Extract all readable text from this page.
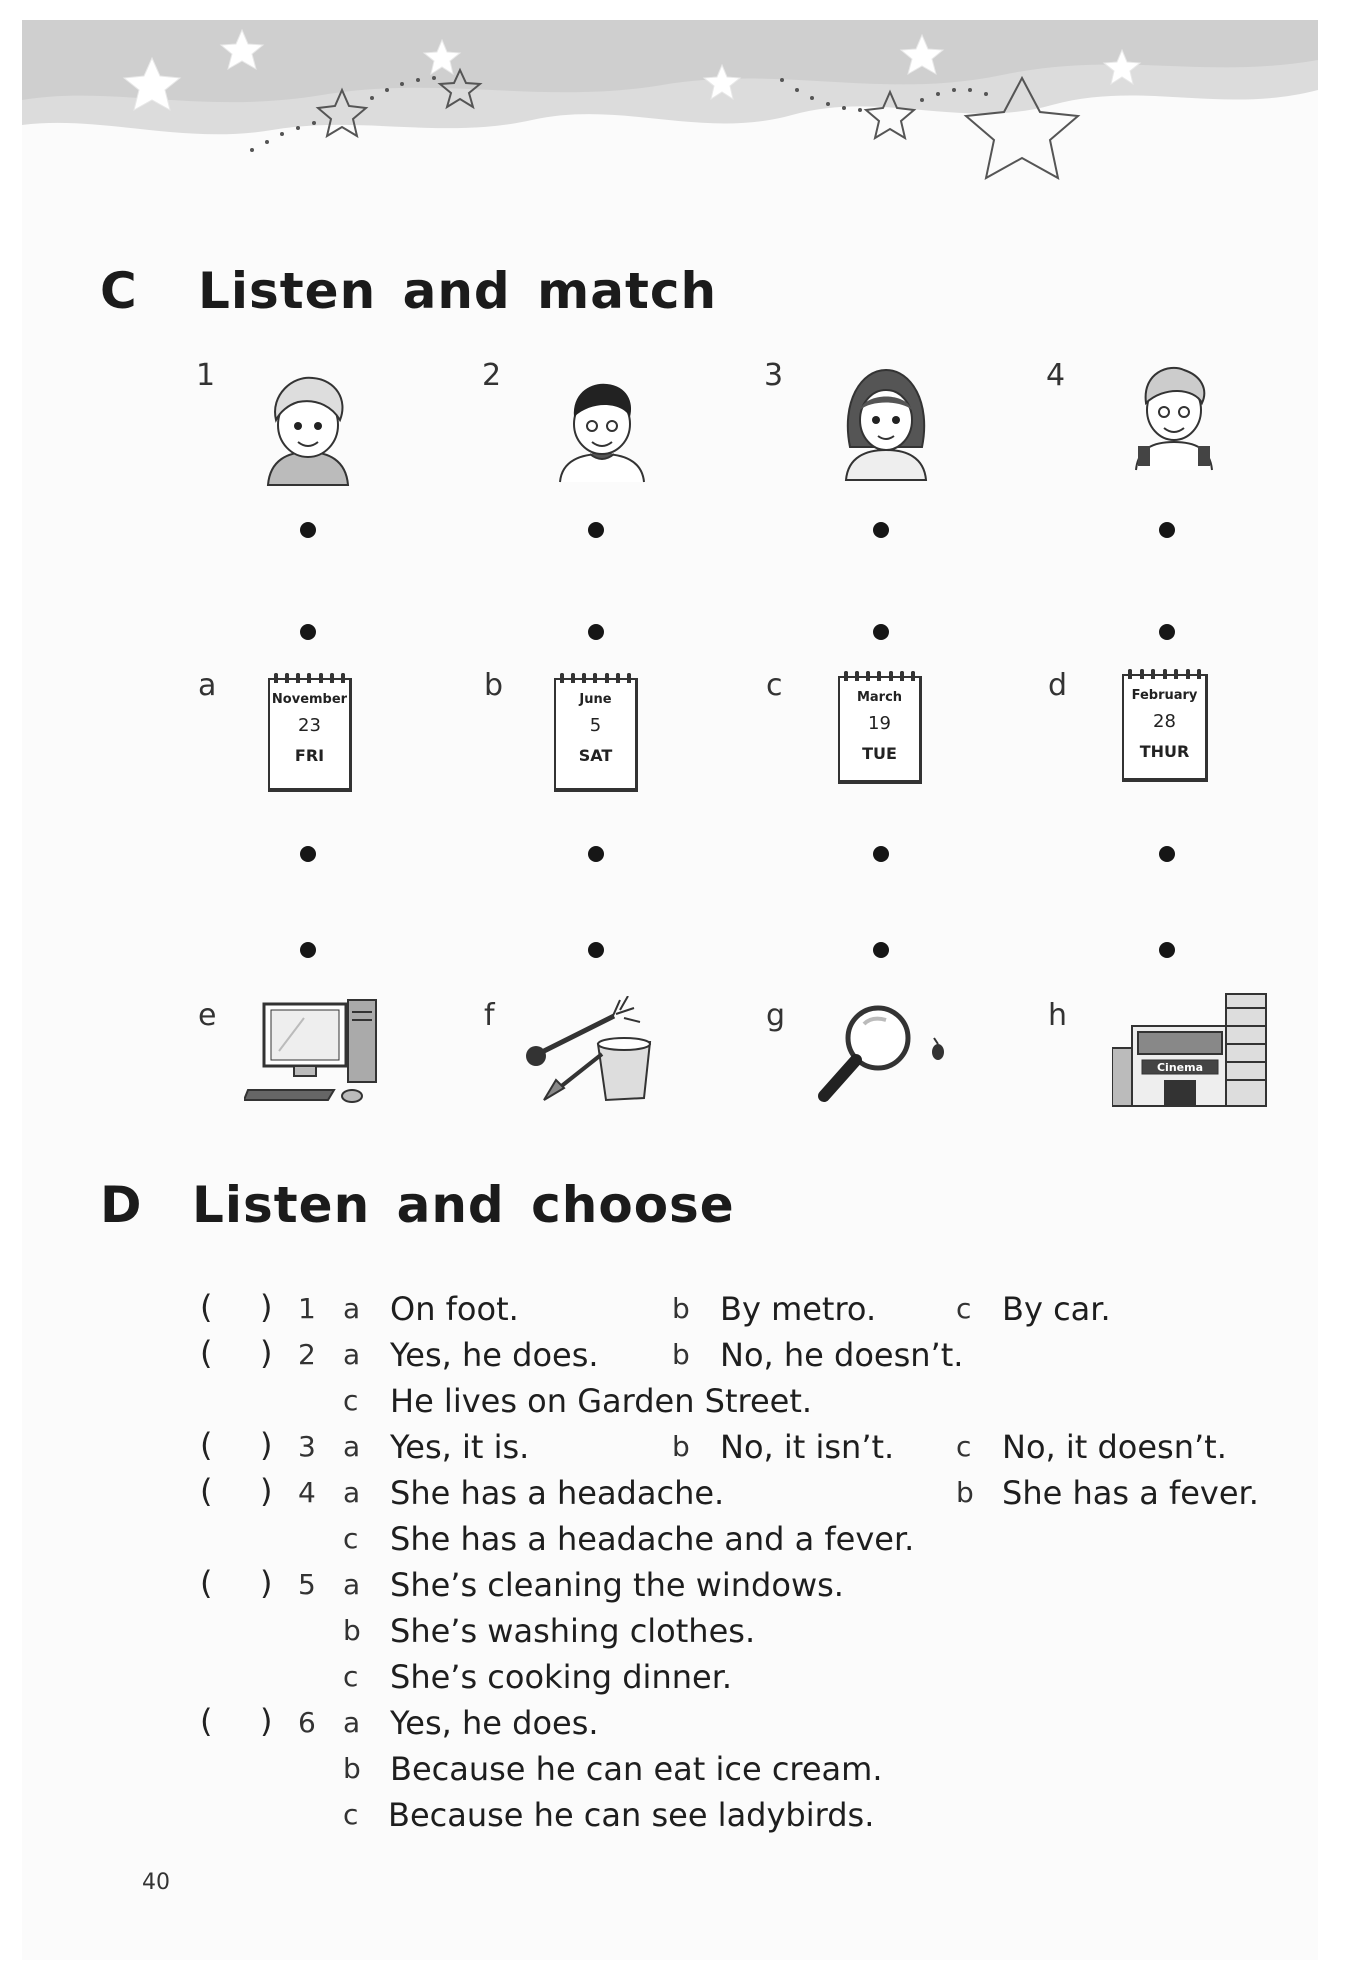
C Listen and match
1	2	3	4
a	b	c	d
November
23
FRI
June
5
SAT
March
19
TUE
February
28
THUR
e	f	g	h
Cinema
D Listen and choose
( ) 1 a On foot.	b By metro.	c By car.
( ) 2 a Yes, he does.	b No, he doesn’t.
c He lives on Garden Street.
( ) 3 a Yes, it is.	b No, it isn’t. c No, it doesn’t.
( ) 4 a She has a headache.	b She has a fever.
c She has a headache and a fever.
( ) 5 a She’s cleaning the windows.
b She’s washing clothes.
c She’s cooking dinner.
( ) 6 a Yes, he does.
b Because he can eat ice cream.
c Because he can see ladybirds.
40
